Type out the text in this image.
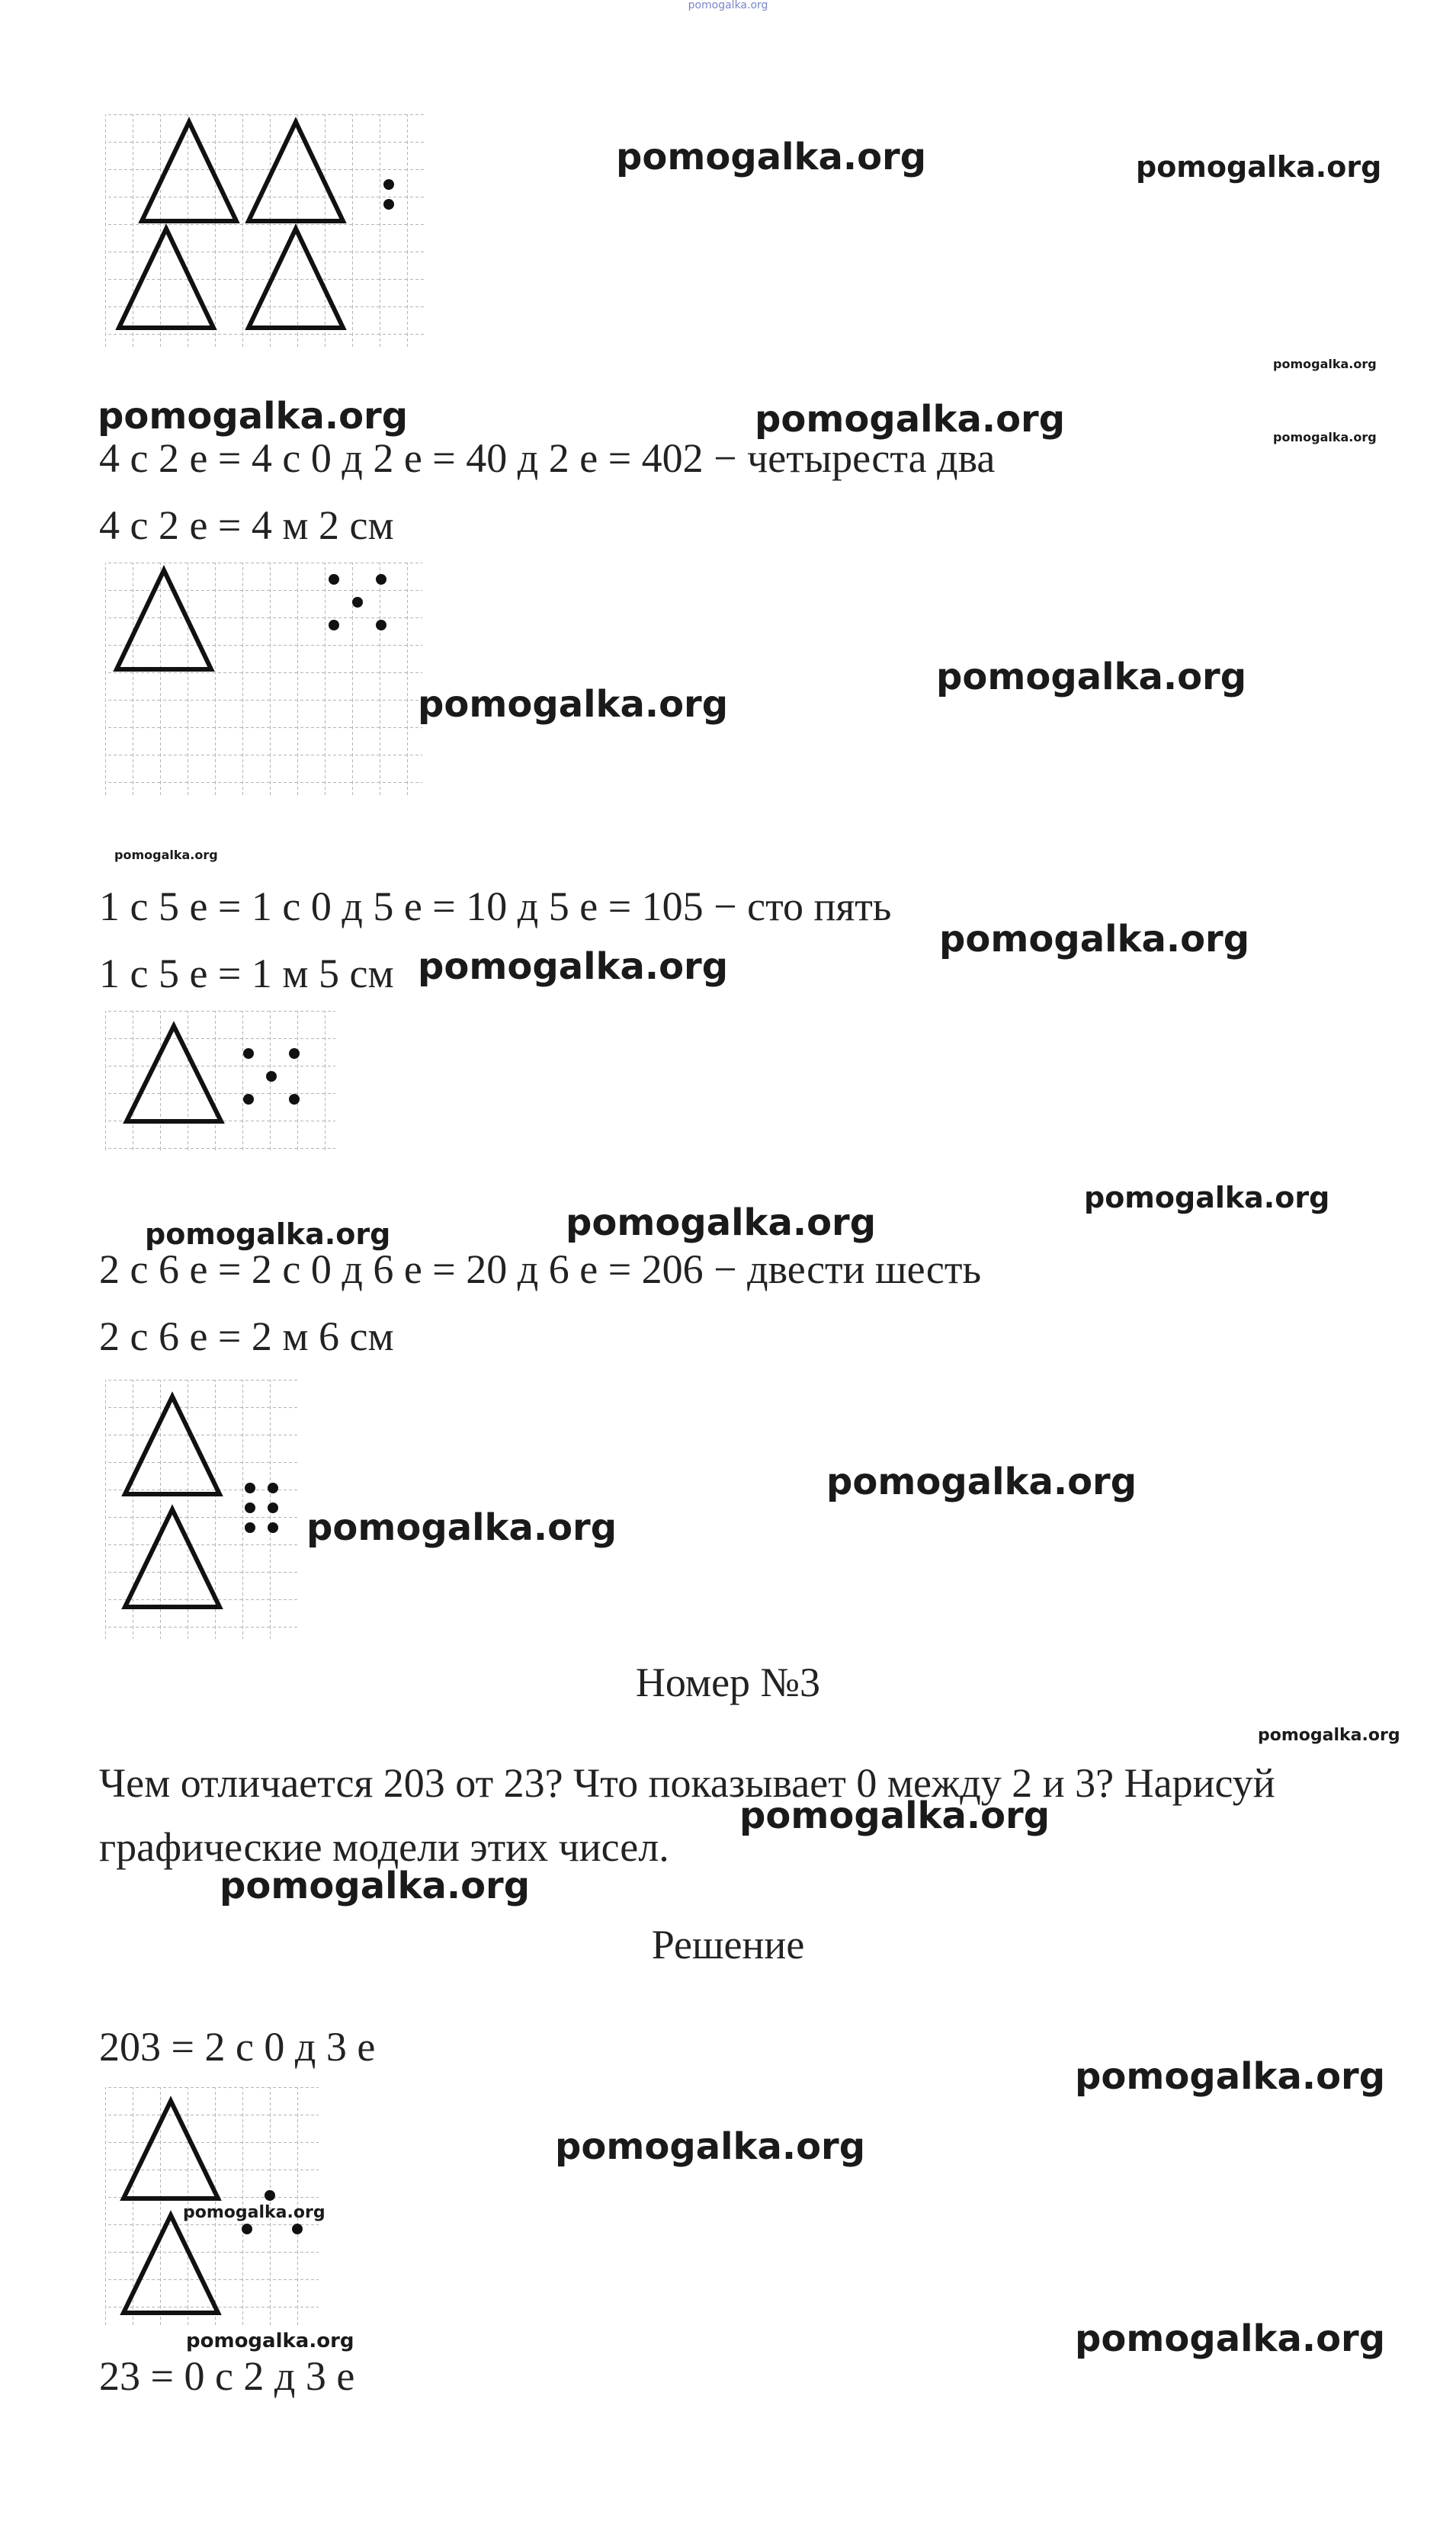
pomogalka.org
pomogalka.org	pomogalka.org
pomogalka.org
pomogalka.org
pomogalka.org	pomogalka.org
4 с 2 е = 4 с 0 д 2 е = 40 д 2 е = 402 − четыреста два
4 с 2 е = 4 м 2 см
pomogalka.org
pomogalka.org
pomogalka.org
1 с 5 е = 1 с 0 д 5 е = 10 д 5 е = 105 − сто пять
pomogalka.org
1 с 5 е = 1 м 5 см pomogalka.org
pomogalka.org
pomogalka.org
pomogalka.org
2 с 6 е = 2 с 0 д 6 е = 20 д 6 е = 206 − двести шесть
2 с 6 е = 2 м 6 см
pomogalka.org
pomogalka.org
Номер №3
pomogalka.org
Чем отличается 203 от 23? Что показывает 0 между 2 и 3? Нарисуй
pomogalka.org
графические модели этих чисел.
pomogalka.org
Решение
203 = 2 с 0 д 3 е
pomogalka.org
pomogalka.org
pomogalka.org
pomogalka.org	pomogalka.org
23 = 0 с 2 д 3 е
